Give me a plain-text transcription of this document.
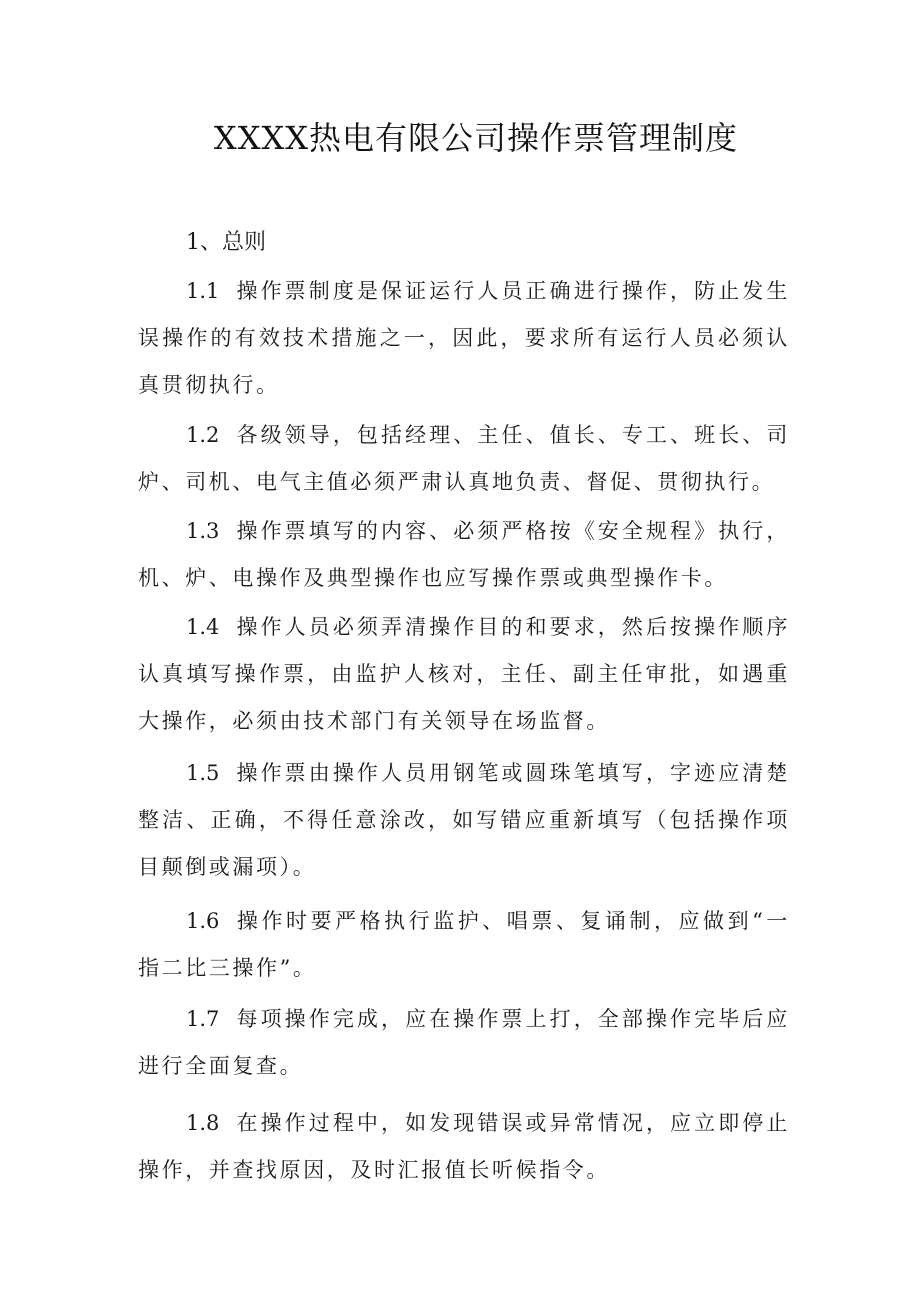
XXXX热电有限公司操作票管理制度

1、总则

1.1 操作票制度是保证运行人员正确进行操作，防止发生误操作的有效技术措施之一，因此，要求所有运行人员必须认真贯彻执行。

1.2 各级领导，包括经理、主任、值长、专工、班长、司炉、司机、电气主值必须严肃认真地负责、督促、贯彻执行。

1.3 操作票填写的内容、必须严格按《安全规程》执行，机、炉、电操作及典型操作也应写操作票或典型操作卡。

1.4 操作人员必须弄清操作目的和要求，然后按操作顺序认真填写操作票，由监护人核对，主任、副主任审批，如遇重大操作，必须由技术部门有关领导在场监督。

1.5 操作票由操作人员用钢笔或圆珠笔填写，字迹应清楚整洁、正确，不得任意涂改，如写错应重新填写（包括操作项目颠倒或漏项）。

1.6 操作时要严格执行监护、唱票、复诵制，应做到“一指二比三操作”。

1.7 每项操作完成，应在操作票上打，全部操作完毕后应进行全面复查。

1.8 在操作过程中，如发现错误或异常情况，应立即停止操作，并查找原因，及时汇报值长听候指令。
